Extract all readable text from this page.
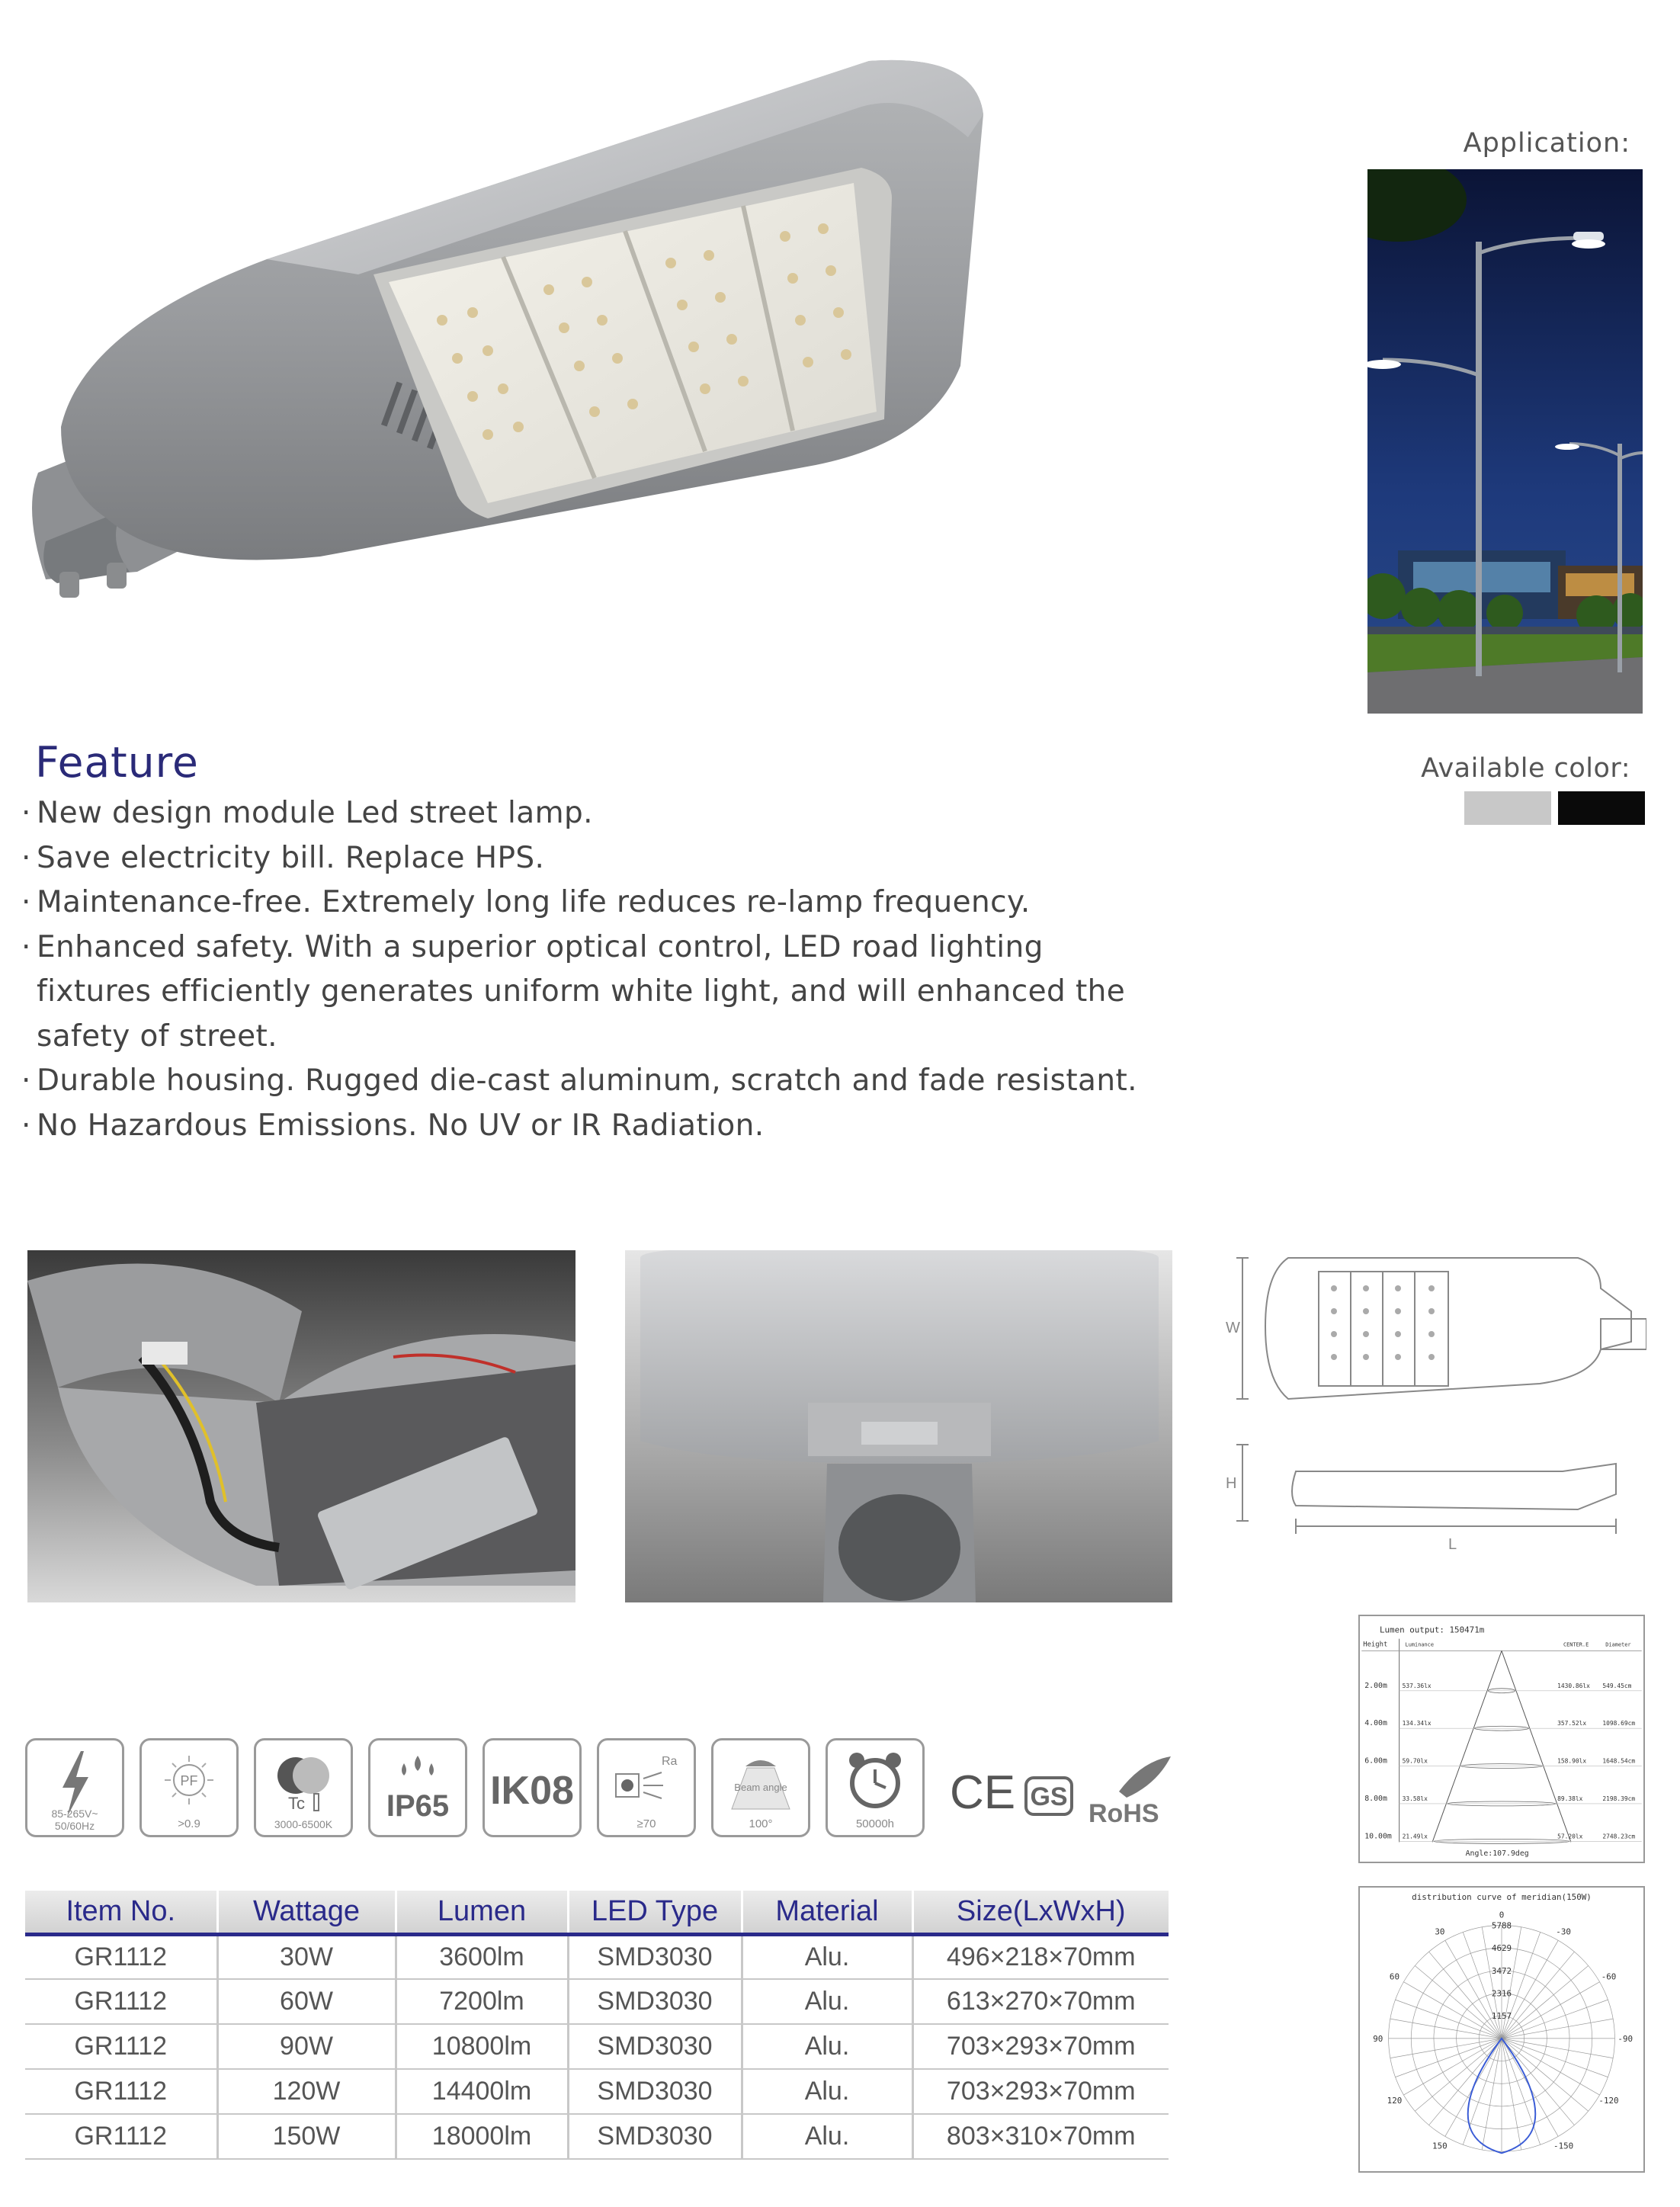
Application:
Available color:
Feature
· New design module Led street lamp.
· Save electricity bill. Replace HPS.
· Maintenance-free. Extremely long life reduces re-lamp frequency.
· Enhanced safety. With a superior optical control, LED road lighting fixtures efficiently generates uniform white light, and will enhanced the safety of street.
· Durable housing. Rugged die-cast aluminum, scratch and fade resistant.
· No Hazardous Emissions. No UV or IR Radiation.
W
H
L
85-265V~
50/60Hz
PF
>0.9
Tc
3000-6500K
IP65	IK08
Ra
≥70
Beam angle
100°	50000h
CE GS
RoHS
Item No.	Wattage	Lumen	LED Type	Material	Size(LxWxH)
GR1112	30W	3600lm	SMD3030	Alu.	496×218×70mm
GR1112	60W	7200lm	SMD3030	Alu.	613×270×70mm
GR1112	90W	10800lm	SMD3030	Alu.	703×293×70mm
GR1112	120W	14400lm	SMD3030	Alu.	703×293×70mm
GR1112	150W	18000lm	SMD3030	Alu.	803×310×70mm
Lumen output: 150471m
Height	Luminance	CENTER.E	Diameter
2.00m 537.36lx	1430.86lx 549.45cm
4.00m 134.34lx	357.52lx	1098.69cm
6.00m 59.70lx	158.90lx	1648.54cm
8.00m 33.58lx	89.38lx	2198.39cm
10.00m 21.49lx	57.20lx	2748.23cm
Angle:107.9deg
distribution curve of meridian(150W)
5788
4629
3472
2316
1157
-150
150
-120
120
-90
90
-60
60
-30
30
0
